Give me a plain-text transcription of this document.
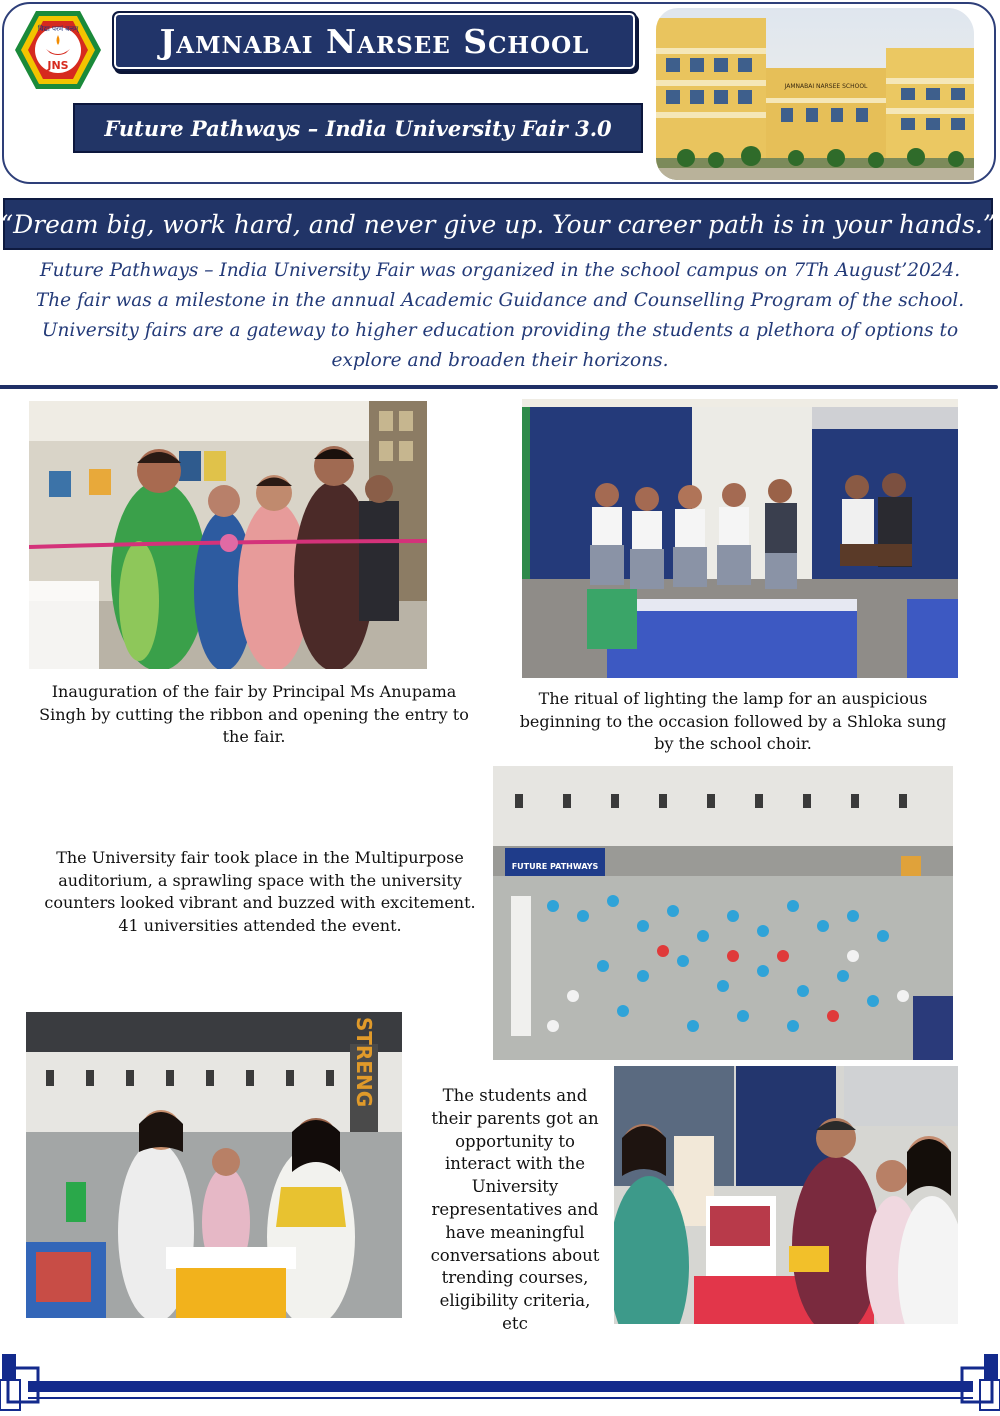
विद्या परमं बलम्
JNS
Jamnabai Narsee School
Future Pathways – India University Fair 3.0
JAMNABAI NARSEE SCHOOL
“Dream big, work hard, and never give up. Your career path is in your hands.”

Future Pathways – India University Fair was organized in the school campus on 7Th August’2024. The fair was a milestone in the annual Academic Guidance and Counselling Program of the school. University fairs are a gateway to higher education providing the students a plethora of options to explore and broaden their horizons.

Inauguration of the fair by Principal Ms Anupama Singh by cutting the ribbon and opening the entry to the fair.

The ritual of lighting the lamp for an auspicious beginning to the occasion followed by a Shloka sung by the school choir.

The University fair took place in the Multipurpose auditorium, a sprawling space with the university counters looked vibrant and buzzed with excitement. 41 universities attended the event.

FUTURE PATHWAYS
STRENG	The students and their parents got an opportunity to interact with the University representatives and have meaningful conversations about trending courses, eligibility criteria, etc
